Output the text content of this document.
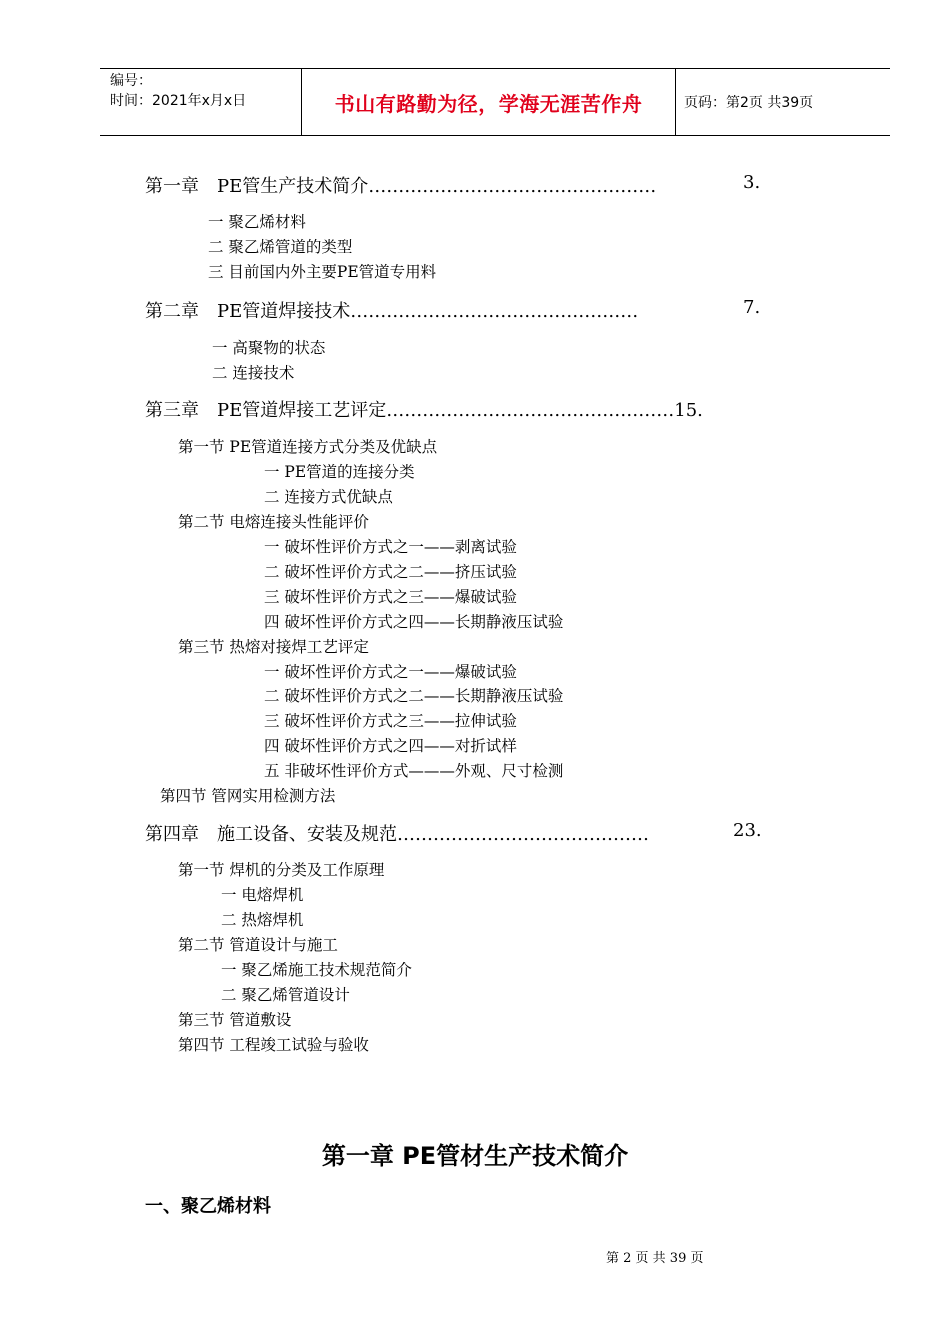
编号：
时间：2021年x月x日	书山有路勤为径，学海无涯苦作舟	页码：第2页 共39页

第一章　PE管生产技术简介…………………………………………	3.

一 聚乙烯材料

二 聚乙烯管道的类型

三 目前国内外主要PE管道专用料

第二章　PE管道焊接技术…………………………………………	7.

一 高聚物的状态

二 连接技术

第三章　PE管道焊接工艺评定…………………………………………15.

第一节 PE管道连接方式分类及优缺点

一 PE管道的连接分类

二 连接方式优缺点

第二节 电熔连接头性能评价

一 破坏性评价方式之一——剥离试验

二 破坏性评价方式之二——挤压试验

三 破坏性评价方式之三——爆破试验

四 破坏性评价方式之四——长期静液压试验

第三节 热熔对接焊工艺评定

一 破坏性评价方式之一——爆破试验

二 破坏性评价方式之二——长期静液压试验

三 破坏性评价方式之三——拉伸试验

四 破坏性评价方式之四——对折试样

五 非破坏性评价方式———外观、尺寸检测

第四节 管网实用检测方法

第四章　施工设备、安装及规范……………………………………	23.

第一节 焊机的分类及工作原理

一 电熔焊机

二 热熔焊机

第二节 管道设计与施工

一 聚乙烯施工技术规范简介

二 聚乙烯管道设计

第三节 管道敷设

第四节 工程竣工试验与验收

第一章 PE管材生产技术简介
一、聚乙烯材料

第 2 页 共 39 页
